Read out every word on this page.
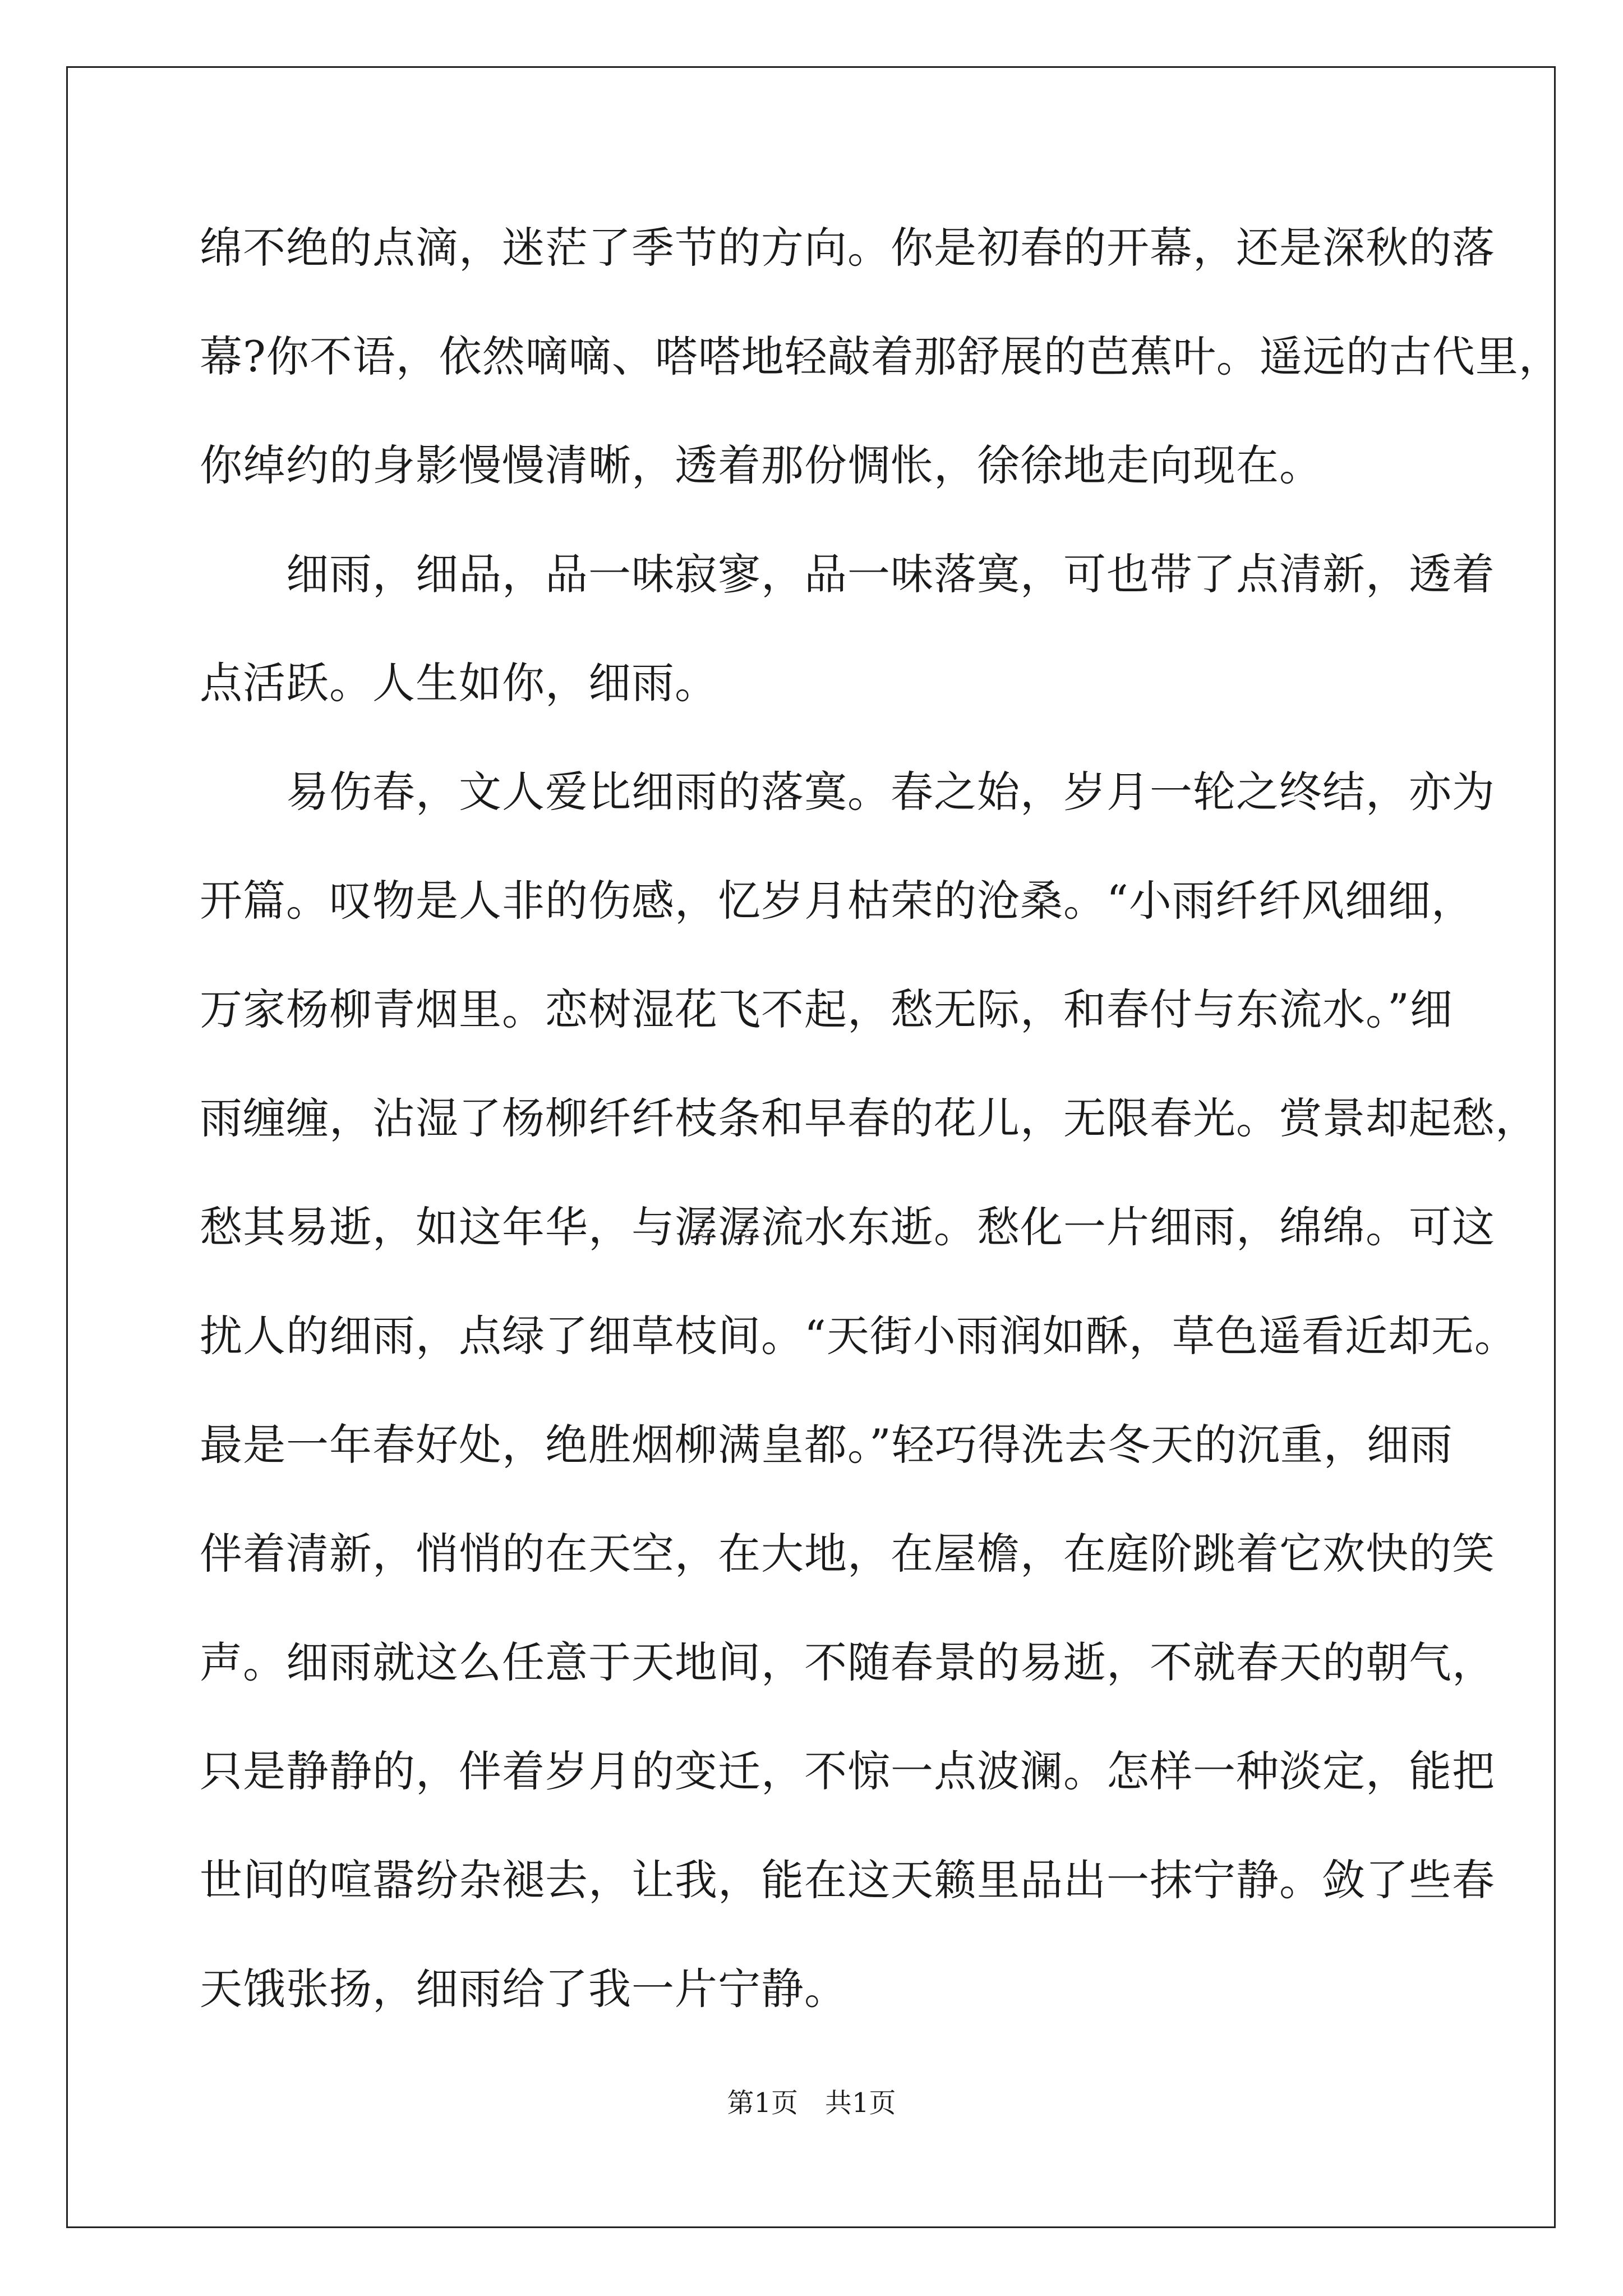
绵不绝的点滴，迷茫了季节的方向。你是初春的开幕，还是深秋的落
幕?你不语，依然嘀嘀、嗒嗒地轻敲着那舒展的芭蕉叶。遥远的古代里，
你绰约的身影慢慢清晰，透着那份惆怅，徐徐地走向现在。
　　细雨，细品，品一味寂寥，品一味落寞，可也带了点清新，透着
点活跃。人生如你，细雨。
　　易伤春，文人爱比细雨的落寞。春之始，岁月一轮之终结，亦为
开篇。叹物是人非的伤感，忆岁月枯荣的沧桑。“小雨纤纤风细细，
万家杨柳青烟里。恋树湿花飞不起，愁无际，和春付与东流水。”细
雨缠缠，沾湿了杨柳纤纤枝条和早春的花儿，无限春光。赏景却起愁，
愁其易逝，如这年华，与潺潺流水东逝。愁化一片细雨，绵绵。可这
扰人的细雨，点绿了细草枝间。“天街小雨润如酥，草色遥看近却无。
最是一年春好处，绝胜烟柳满皇都。”轻巧得洗去冬天的沉重，细雨
伴着清新，悄悄的在天空，在大地，在屋檐，在庭阶跳着它欢快的笑
声。细雨就这么任意于天地间，不随春景的易逝，不就春天的朝气，
只是静静的，伴着岁月的变迁，不惊一点波澜。怎样一种淡定，能把
世间的喧嚣纷杂褪去，让我，能在这天籁里品出一抹宁静。敛了些春
天饿张扬，细雨给了我一片宁静。
第1页　共1页
